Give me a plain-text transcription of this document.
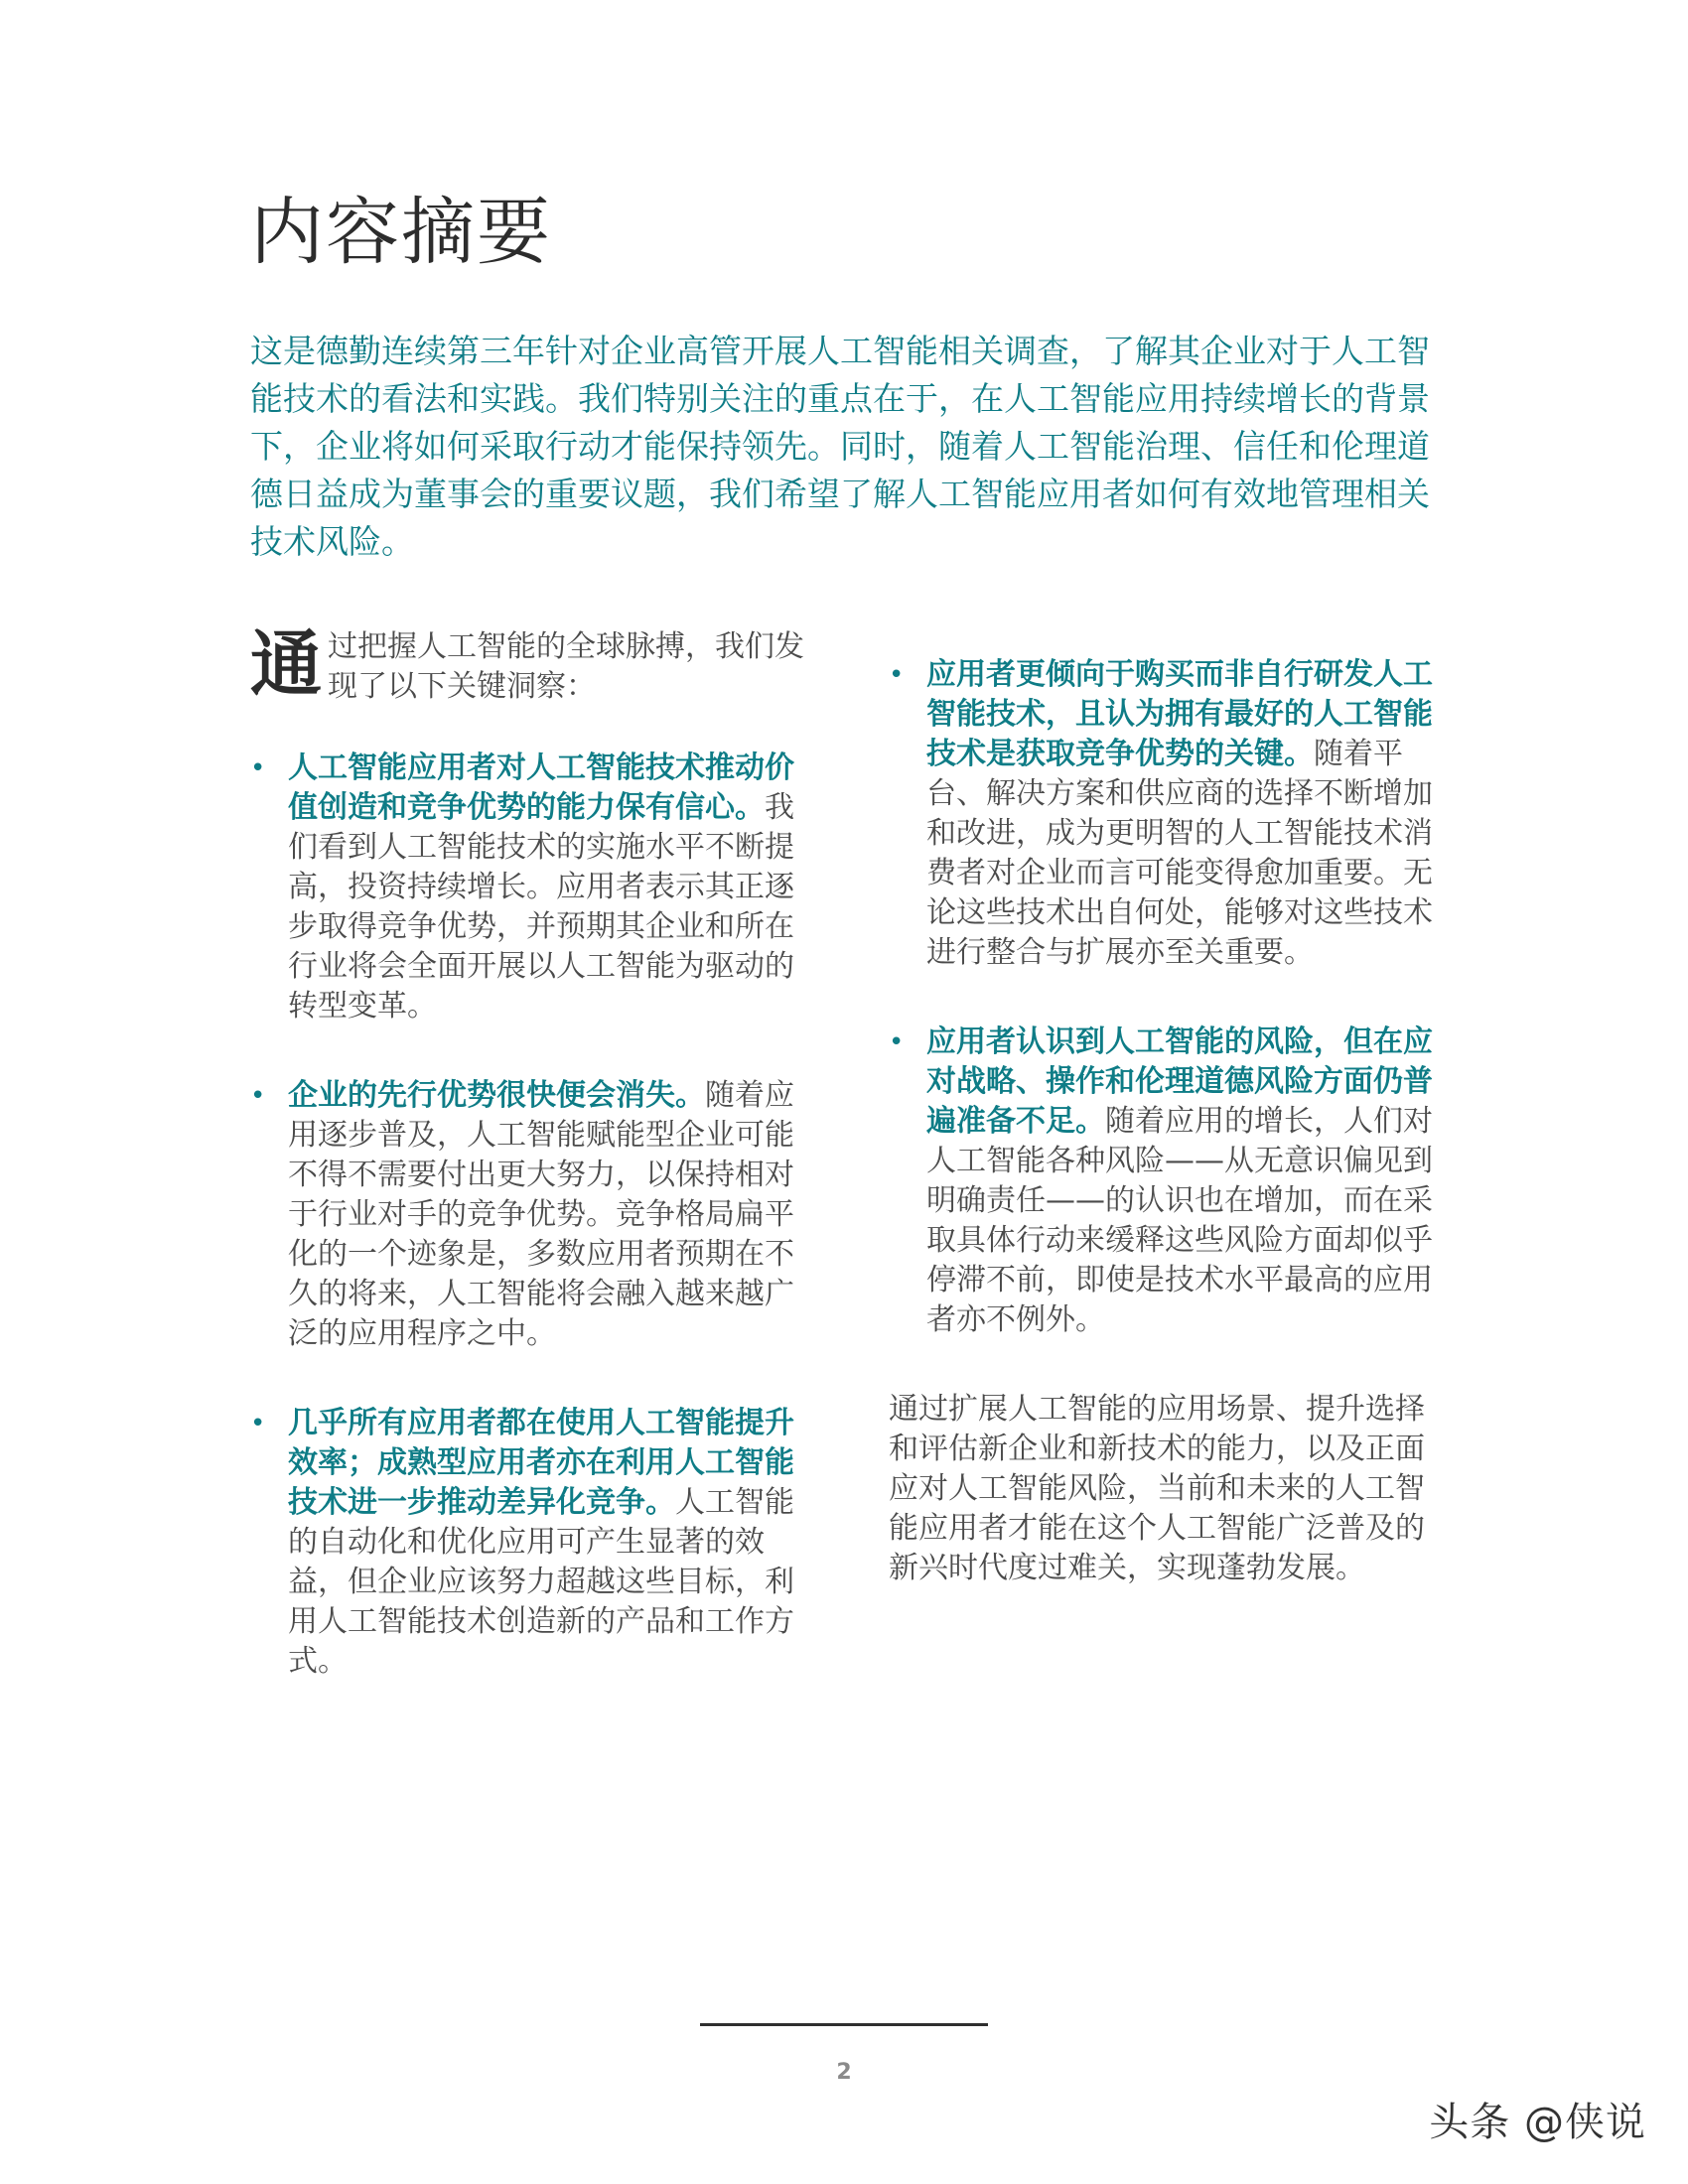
内容摘要

这是德勤连续第三年针对企业高管开展人工智能相关调查，了解其企业对于人工智能技术的看法和实践。我们特别关注的重点在于，在人工智能应用持续增长的背景下，企业将如何采取行动才能保持领先。同时，随着人工智能治理、信任和伦理道德日益成为董事会的重要议题，我们希望了解人工智能应用者如何有效地管理相关技术风险。

通过把握人工智能的全球脉搏，我们发现了以下关键洞察：

• 人工智能应用者对人工智能技术推动价值创造和竞争优势的能力保有信心。我们看到人工智能技术的实施水平不断提高，投资持续增长。应用者表示其正逐步取得竞争优势，并预期其企业和所在行业将会全面开展以人工智能为驱动的转型变革。
• 企业的先行优势很快便会消失。随着应用逐步普及，人工智能赋能型企业可能不得不需要付出更大努力，以保持相对于行业对手的竞争优势。竞争格局扁平化的一个迹象是，多数应用者预期在不久的将来，人工智能将会融入越来越广泛的应用程序之中。
• 几乎所有应用者都在使用人工智能提升效率；成熟型应用者亦在利用人工智能技术进一步推动差异化竞争。人工智能的自动化和优化应用可产生显著的效益，但企业应该努力超越这些目标，利用人工智能技术创造新的产品和工作方式。
• 应用者更倾向于购买而非自行研发人工智能技术，且认为拥有最好的人工智能技术是获取竞争优势的关键。随着平台、解决方案和供应商的选择不断增加和改进，成为更明智的人工智能技术消费者对企业而言可能变得愈加重要。无论这些技术出自何处，能够对这些技术进行整合与扩展亦至关重要。
• 应用者认识到人工智能的风险，但在应对战略、操作和伦理道德风险方面仍普遍准备不足。随着应用的增长，人们对人工智能各种风险——从无意识偏见到明确责任——的认识也在增加，而在采取具体行动来缓释这些风险方面却似乎停滞不前，即使是技术水平最高的应用者亦不例外。

通过扩展人工智能的应用场景、提升选择和评估新企业和新技术的能力，以及正面应对人工智能风险，当前和未来的人工智能应用者才能在这个人工智能广泛普及的新兴时代度过难关，实现蓬勃发展。

2
头条 @侠说
